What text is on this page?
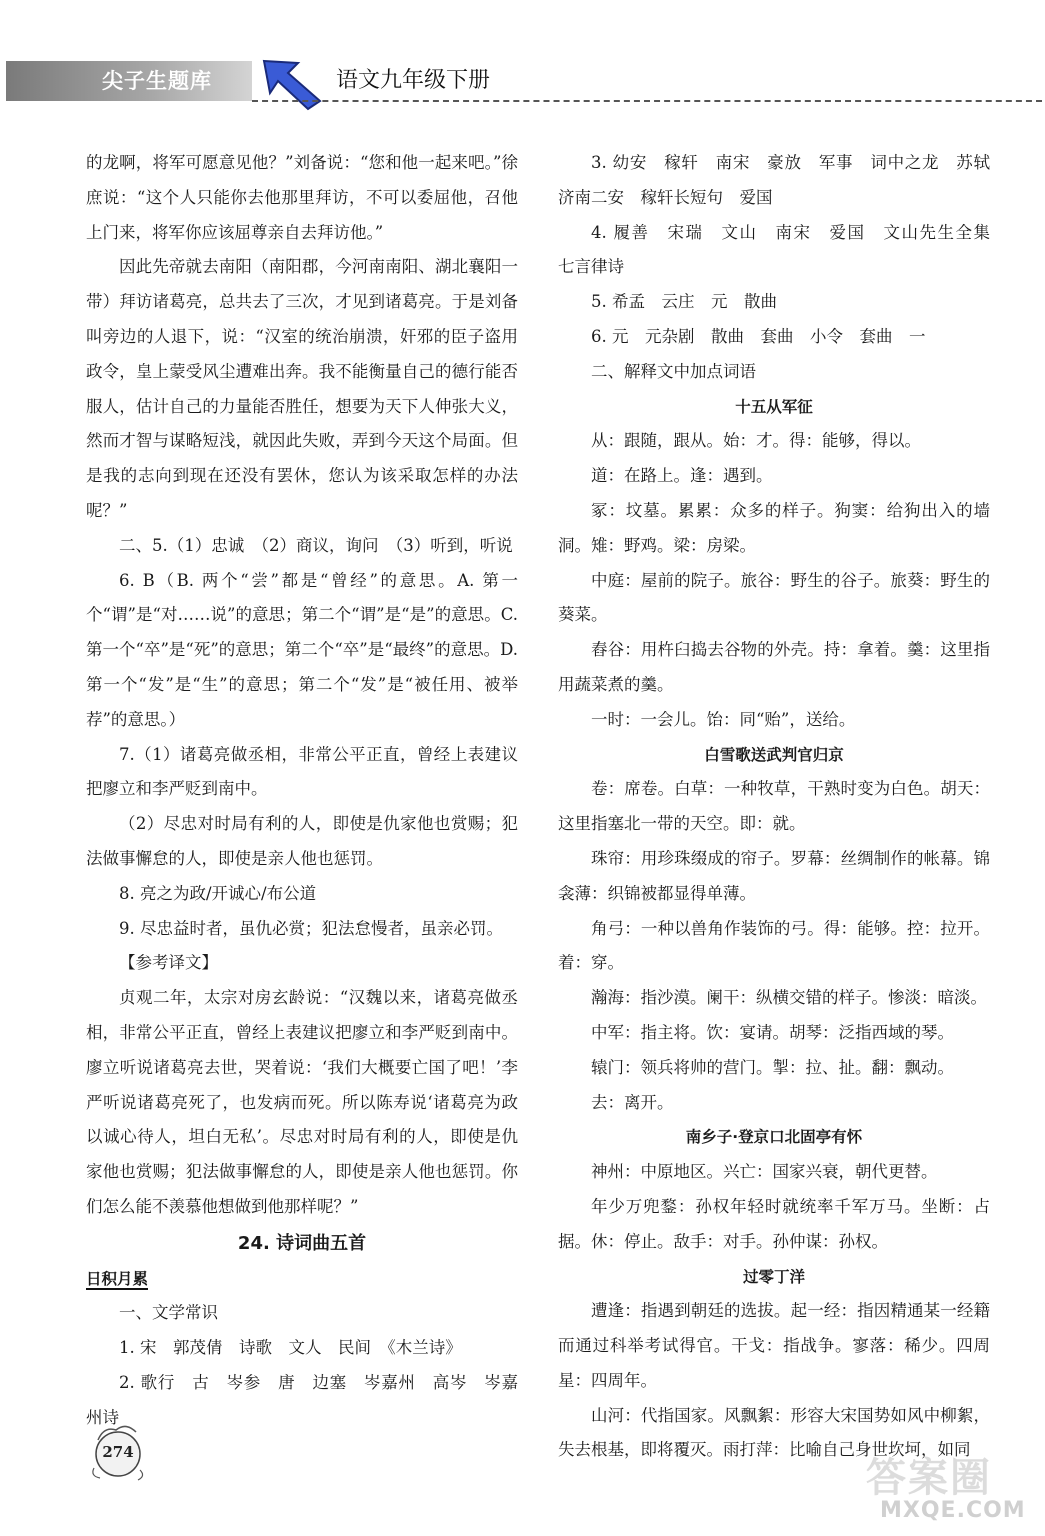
尖子生题库	语文九年级下册

的龙啊，将军可愿意见他？”刘备说：“您和他一起来吧。”徐庶说：“这个人只能你去他那里拜访，不可以委屈他，召他上门来，将军你应该屈尊亲自去拜访他。”

因此先帝就去南阳（南阳郡，今河南南阳、湖北襄阳一带）拜访诸葛亮，总共去了三次，才见到诸葛亮。于是刘备叫旁边的人退下，说：“汉室的统治崩溃，奸邪的臣子盗用政令，皇上蒙受风尘遭难出奔。我不能衡量自己的德行能否服人，估计自己的力量能否胜任，想要为天下人伸张大义，然而才智与谋略短浅，就因此失败，弄到今天这个局面。但是我的志向到现在还没有罢休，您认为该采取怎样的办法呢？”

二、5.（1）忠诚　（2）商议，询问　（3）听到，听说

6. B（B. 两个“尝”都是“曾经”的意思。A. 第一个“谓”是“对……说”的意思；第二个“谓”是“是”的意思。C. 第一个“卒”是“死”的意思；第二个“卒”是“最终”的意思。D. 第一个“发”是“生”的意思；第二个“发”是“被任用、被举荐”的意思。）

7.（1）诸葛亮做丞相，非常公平正直，曾经上表建议把廖立和李严贬到南中。

（2）尽忠对时局有利的人，即使是仇家他也赏赐；犯法做事懈怠的人，即使是亲人他也惩罚。

8. 亮之为政/开诚心/布公道

9. 尽忠益时者，虽仇必赏；犯法怠慢者，虽亲必罚。

【参考译文】

贞观二年，太宗对房玄龄说：“汉魏以来，诸葛亮做丞相，非常公平正直，曾经上表建议把廖立和李严贬到南中。廖立听说诸葛亮去世，哭着说：‘我们大概要亡国了吧！’李严听说诸葛亮死了，也发病而死。所以陈寿说‘诸葛亮为政以诚心待人，坦白无私’。尽忠对时局有利的人，即使是仇家他也赏赐；犯法做事懈怠的人，即使是亲人他也惩罚。你们怎么能不羡慕他想做到他那样呢？”

24. 诗词曲五首

日积月累

一、文学常识

1. 宋　郭茂倩　诗歌　文人　民间　《木兰诗》

2. 歌行　古　岑参　唐　边塞　岑嘉州　高岑　岑嘉州诗

3. 幼安　稼轩　南宋　豪放　军事　词中之龙　苏轼　济南二安　稼轩长短句　爱国

4. 履善　宋瑞　文山　南宋　爱国　文山先生全集　七言律诗

5. 希孟　云庄　元　散曲

6. 元　元杂剧　散曲　套曲　小令　套曲　一

二、解释文中加点词语

十五从军征

从：跟随，跟从。始：才。得：能够，得以。

道：在路上。逢：遇到。

冢：坟墓。累累：众多的样子。狗窦：给狗出入的墙洞。雉：野鸡。梁：房梁。

中庭：屋前的院子。旅谷：野生的谷子。旅葵：野生的葵菜。

舂谷：用杵臼捣去谷物的外壳。持：拿着。羹：这里指用蔬菜煮的羹。

一时：一会儿。饴：同“贻”，送给。

白雪歌送武判官归京

卷：席卷。白草：一种牧草，干熟时变为白色。胡天：这里指塞北一带的天空。即：就。

珠帘：用珍珠缀成的帘子。罗幕：丝绸制作的帐幕。锦衾薄：织锦被都显得单薄。

角弓：一种以兽角作装饰的弓。得：能够。控：拉开。着：穿。

瀚海：指沙漠。阑干：纵横交错的样子。惨淡：暗淡。

中军：指主将。饮：宴请。胡琴：泛指西域的琴。

辕门：领兵将帅的营门。掣：拉、扯。翻：飘动。

去：离开。

南乡子·登京口北固亭有怀

神州：中原地区。兴亡：国家兴衰，朝代更替。

年少万兜鍪：孙权年轻时就统率千军万马。坐断：占据。休：停止。敌手：对手。孙仲谋：孙权。

过零丁洋

遭逢：指遇到朝廷的选拔。起一经：指因精通某一经籍而通过科举考试得官。干戈：指战争。寥落：稀少。四周星：四周年。

山河：代指国家。风飘絮：形容大宋国势如风中柳絮，失去根基，即将覆灭。雨打萍：比喻自己身世坎坷，如同

274
答案圈
MXQE.COM
